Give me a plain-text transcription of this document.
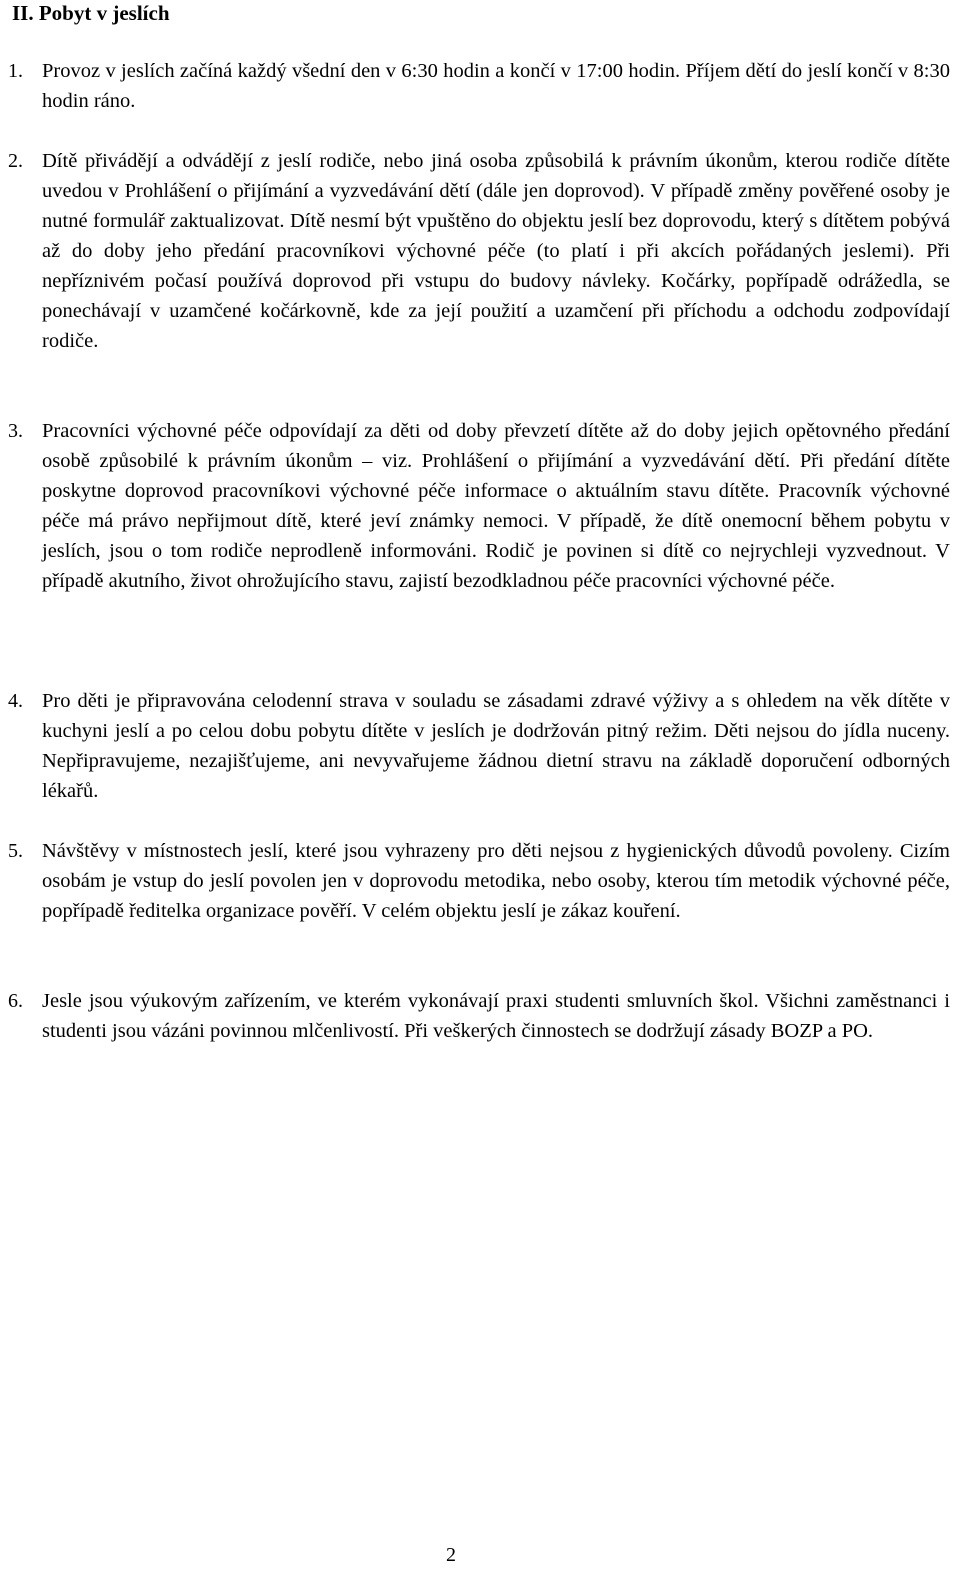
II. Pobyt v jeslích
1. Provoz v jeslích začíná každý všední den v 6:30 hodin a končí v 17:00 hodin. Příjem dětí do jeslí končí v 8:30 hodin ráno.

2. Dítě přivádějí a odvádějí z jeslí rodiče, nebo jiná osoba způsobilá k právním úkonům, kterou rodiče dítěte uvedou v Prohlášení o přijímání a vyzvedávání dětí (dále jen doprovod). V případě změny pověřené osoby je nutné formulář zaktualizovat. Dítě nesmí být vpuštěno do objektu jeslí bez doprovodu, který s dítětem pobývá až do doby jeho předání pracovníkovi výchovné péče (to platí i při akcích pořádaných jeslemi). Při nepříznivém počasí používá doprovod při vstupu do budovy návleky. Kočárky, popřípadě odrážedla, se ponechávají v uzamčené kočárkovně, kde za její použití a uzamčení při příchodu a odchodu zodpovídají rodiče.

3. Pracovníci výchovné péče odpovídají za děti od doby převzetí dítěte až do doby jejich opětovného předání osobě způsobilé k právním úkonům – viz. Prohlášení o přijímání a vyzvedávání dětí. Při předání dítěte poskytne doprovod pracovníkovi výchovné péče informace o aktuálním stavu dítěte. Pracovník výchovné péče má právo nepřijmout dítě, které jeví známky nemoci. V případě, že dítě onemocní během pobytu v jeslích, jsou o tom rodiče neprodleně informováni. Rodič je povinen si dítě co nejrychleji vyzvednout. V případě akutního, život ohrožujícího stavu, zajistí bezodkladnou péče pracovníci výchovné péče.

4. Pro děti je připravována celodenní strava v souladu se zásadami zdravé výživy a s ohledem na věk dítěte v kuchyni jeslí a po celou dobu pobytu dítěte v jeslích je dodržován pitný režim. Děti nejsou do jídla nuceny. Nepřipravujeme, nezajišťujeme, ani nevyvařujeme žádnou dietní stravu na základě doporučení odborných lékařů.

5. Návštěvy v místnostech jeslí, které jsou vyhrazeny pro děti nejsou z hygienických důvodů povoleny. Cizím osobám je vstup do jeslí povolen jen v doprovodu metodika, nebo osoby, kterou tím metodik výchovné péče, popřípadě ředitelka organizace pověří. V celém objektu jeslí je zákaz kouření.

6. Jesle jsou výukovým zařízením, ve kterém vykonávají praxi studenti smluvních škol. Všichni zaměstnanci i studenti jsou vázáni povinnou mlčenlivostí. Při veškerých činnostech se dodržují zásady BOZP a PO.

2
